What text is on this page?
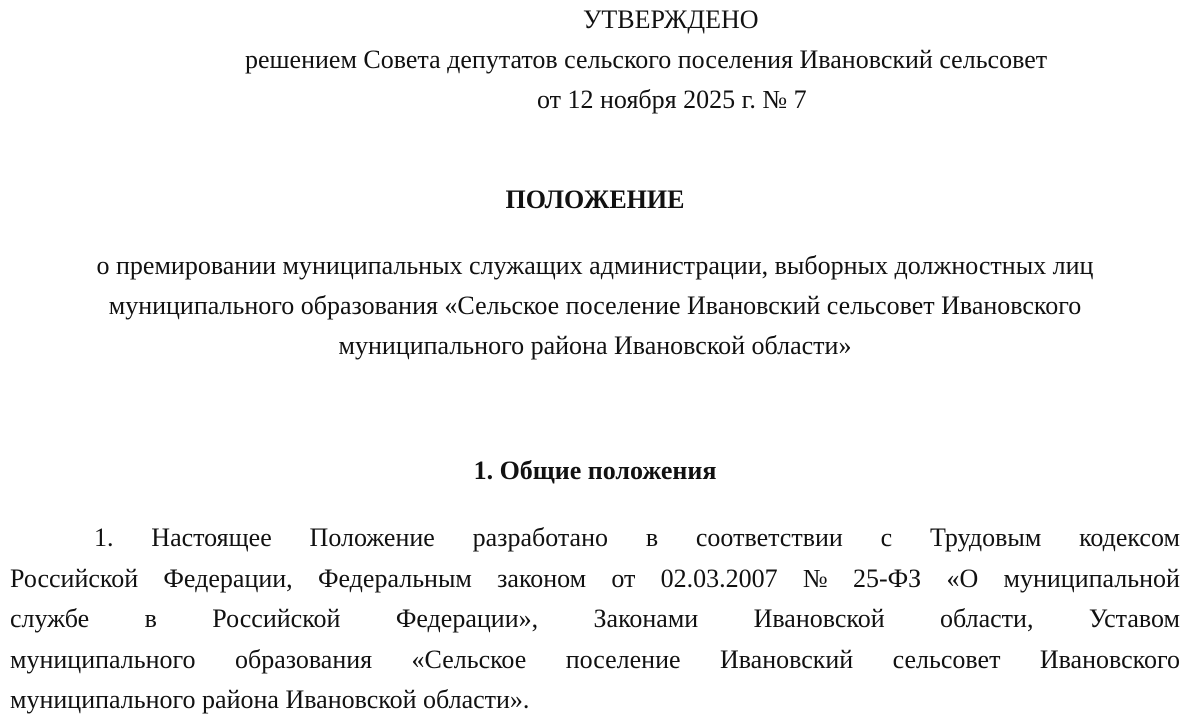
УТВЕРЖДЕНО
решением Совета депутатов сельского поселения Ивановский сельсовет
от 12 ноября 2025 г. № 7
ПОЛОЖЕНИЕ
о премировании муниципальных служащих администрации, выборных должностных лиц
муниципального образования «Сельское поселение Ивановский сельсовет Ивановского
муниципального района Ивановской области»
1. Общие положения
1. Настоящее Положение разработано в соответствии с Трудовым кодексом
Российской Федерации, Федеральным законом от 02.03.2007 № 25-ФЗ «О муниципальной
службе в Российской Федерации», Законами Ивановской области, Уставом
муниципального образования «Сельское поселение Ивановский сельсовет Ивановского
муниципального района Ивановской области».
